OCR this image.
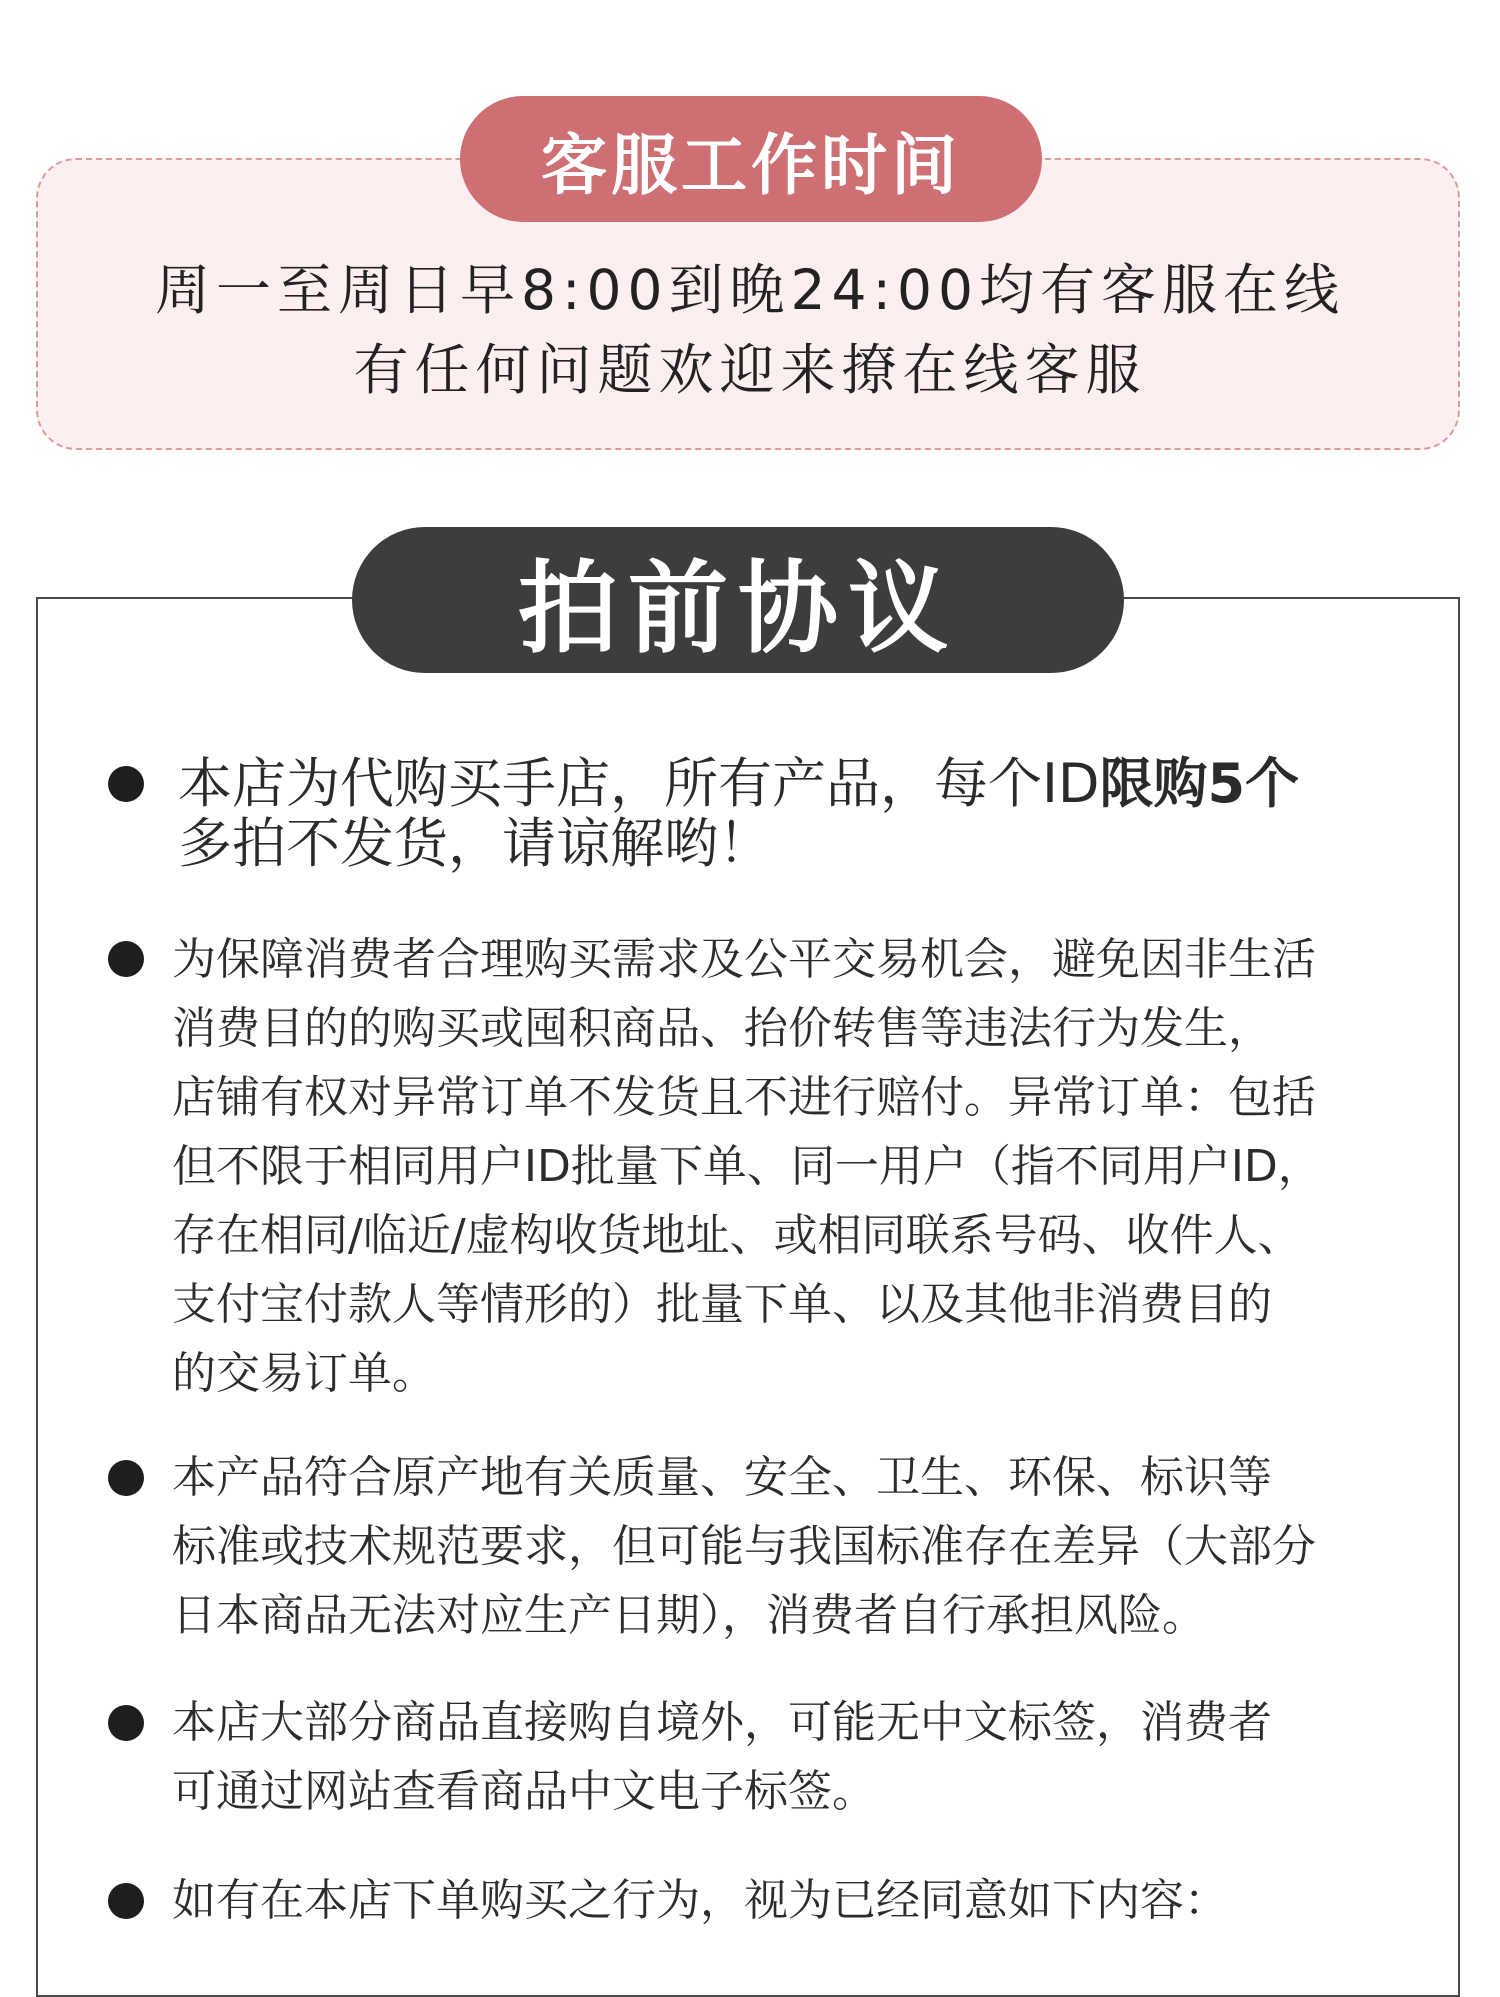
客服工作时间
周一至周日早8:00到晚24:00均有客服在线
有任何问题欢迎来撩在线客服
拍前协议
本店为代购买手店，所有产品，每个ID限购5个
多拍不发货，请谅解哟！
为保障消费者合理购买需求及公平交易机会，避免因非生活
消费目的的购买或囤积商品、抬价转售等违法行为发生，
店铺有权对异常订单不发货且不进行赔付。异常订单：包括
但不限于相同用户ID批量下单、同一用户（指不同用户ID，
存在相同/临近/虚构收货地址、或相同联系号码、收件人、
支付宝付款人等情形的）批量下单、以及其他非消费目的
的交易订单。
本产品符合原产地有关质量、安全、卫生、环保、标识等
标准或技术规范要求，但可能与我国标准存在差异（大部分
日本商品无法对应生产日期），消费者自行承担风险。
本店大部分商品直接购自境外，可能无中文标签，消费者
可通过网站查看商品中文电子标签。
如有在本店下单购买之行为，视为已经同意如下内容：
